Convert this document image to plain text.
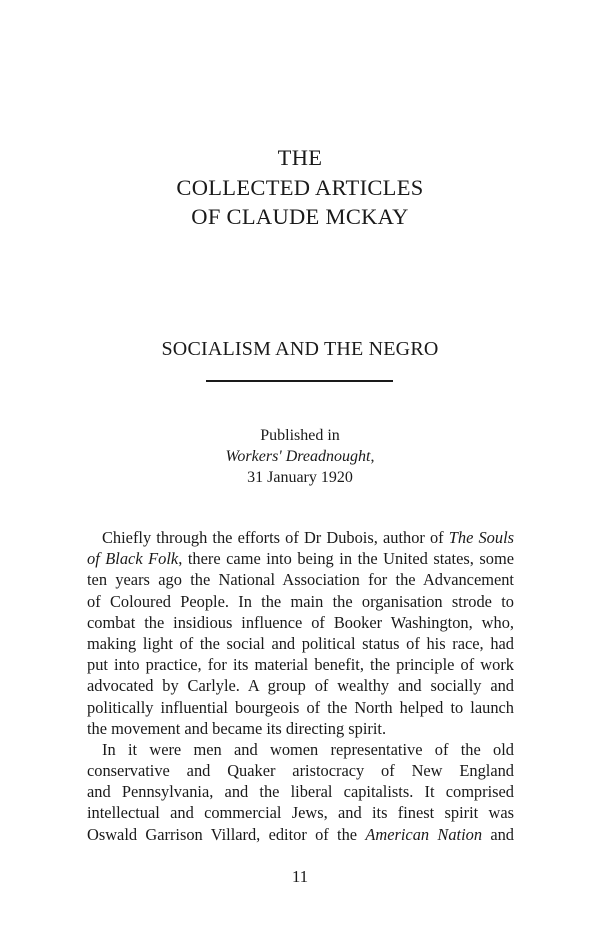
THE
COLLECTED ARTICLES
OF CLAUDE MCKAY
SOCIALISM AND THE NEGRO
Published in
Workers' Dreadnought,
31 January 1920
Chiefly through the efforts of Dr Dubois, author of The Souls
of Black Folk, there came into being in the United states, some
ten years ago the National Association for the Advancement
of Coloured People. In the main the organisation strode to
combat the insidious influence of Booker Washington, who,
making light of the social and political status of his race, had
put into practice, for its material benefit, the principle of work
advocated by Carlyle. A group of wealthy and socially and
politically influential bourgeois of the North helped to launch
the movement and became its directing spirit.
In it were men and women representative of the old
conservative and Quaker aristocracy of New England
and Pennsylvania, and the liberal capitalists. It comprised
intellectual and commercial Jews, and its finest spirit was
Oswald Garrison Villard, editor of the American Nation and
11
